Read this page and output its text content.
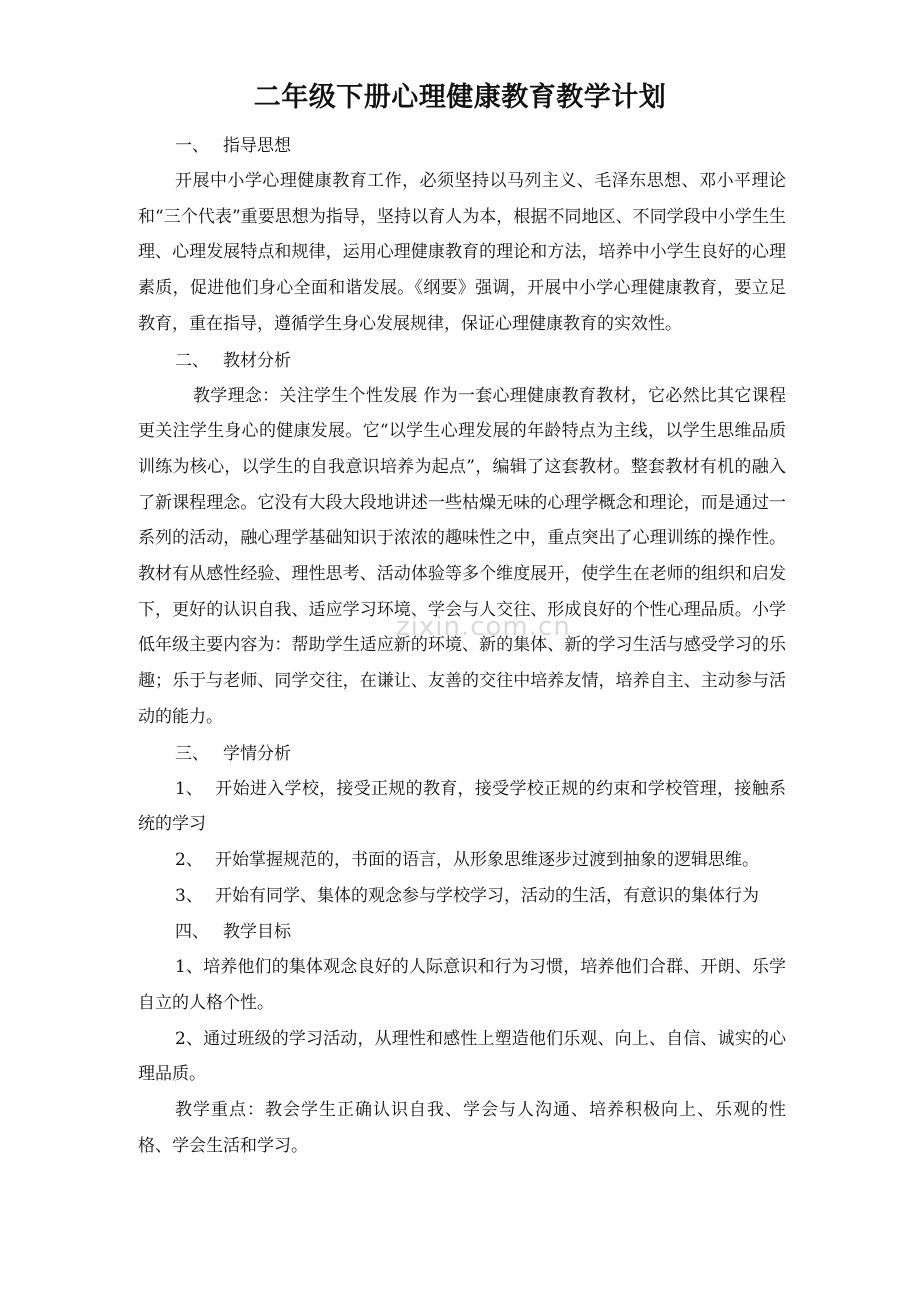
二年级下册心理健康教育教学计划
一、 指导思想

开展中小学心理健康教育工作，必须坚持以马列主义、毛泽东思想、邓小平理论和“三个代表”重要思想为指导，坚持以育人为本，根据不同地区、不同学段中小学生生理、心理发展特点和规律，运用心理健康教育的理论和方法，培养中小学生良好的心理素质，促进他们身心全面和谐发展。《纲要》强调，开展中小学心理健康教育，要立足教育，重在指导，遵循学生身心发展规律，保证心理健康教育的实效性。

二、 教材分析

教学理念：关注学生个性发展 作为一套心理健康教育教材，它必然比其它课程更关注学生身心的健康发展。它“以学生心理发展的年龄特点为主线，以学生思维品质训练为核心，以学生的自我意识培养为起点”，编辑了这套教材。整套教材有机的融入了新课程理念。它没有大段大段地讲述一些枯燥无味的心理学概念和理论，而是通过一系列的活动，融心理学基础知识于浓浓的趣味性之中，重点突出了心理训练的操作性。教材有从感性经验、理性思考、活动体验等多个维度展开，使学生在老师的组织和启发下，更好的认识自我、适应学习环境、学会与人交往、形成良好的个性心理品质。小学低年级主要内容为：帮助学生适应新的环境、新的集体、新的学习生活与感受学习的乐趣；乐于与老师、同学交往，在谦让、友善的交往中培养友情，培养自主、主动参与活动的能力。

三、 学情分析

1、 开始进入学校，接受正规的教育，接受学校正规的约束和学校管理，接触系统的学习

2、 开始掌握规范的，书面的语言，从形象思维逐步过渡到抽象的逻辑思维。

3、 开始有同学、集体的观念参与学校学习，活动的生活，有意识的集体行为

四、 教学目标

1、培养他们的集体观念良好的人际意识和行为习惯，培养他们合群、开朗、乐学自立的人格个性。

2、通过班级的学习活动，从理性和感性上塑造他们乐观、向上、自信、诚实的心理品质。

教学重点：教会学生正确认识自我、学会与人沟通、培养积极向上、乐观的性格、学会生活和学习。

zixin.com.cn
